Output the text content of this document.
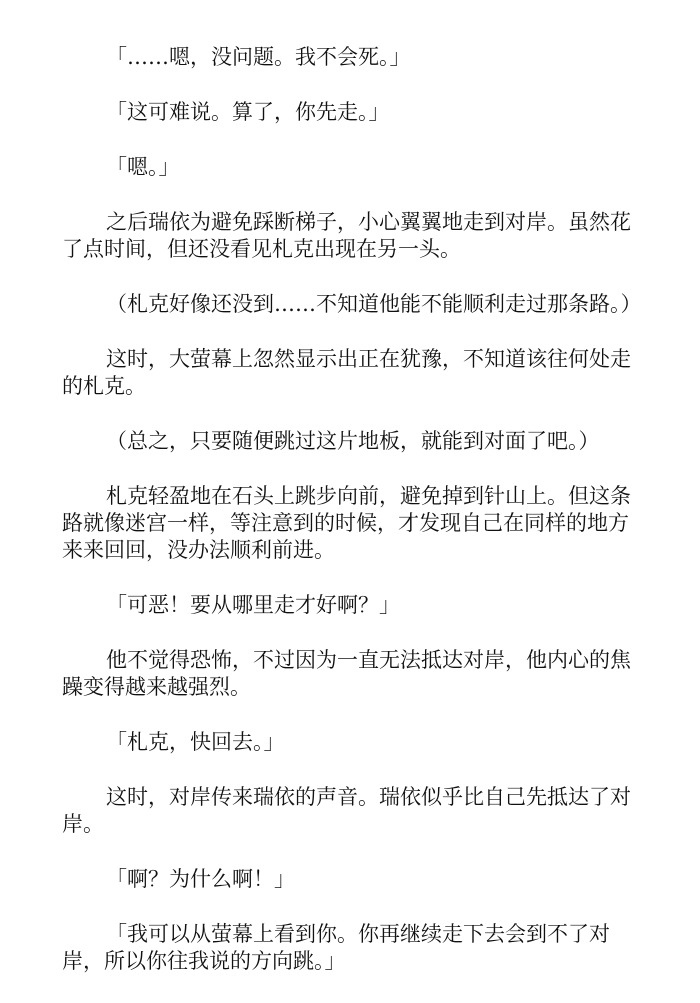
「……嗯，没问题。我不会死。」

「这可难说。算了，你先走。」

「嗯。」

之后瑞依为避免踩断梯子，小心翼翼地走到对岸。虽然花了点时间，但还没看见札克出现在另一头。

（札克好像还没到……不知道他能不能顺利走过那条路。）

这时，大萤幕上忽然显示出正在犹豫，不知道该往何处走的札克。

（总之，只要随便跳过这片地板，就能到对面了吧。）

札克轻盈地在石头上跳步向前，避免掉到针山上。但这条路就像迷宫一样，等注意到的时候，才发现自己在同样的地方来来回回，没办法顺利前进。

「可恶！要从哪里走才好啊？」

他不觉得恐怖，不过因为一直无法抵达对岸，他内心的焦躁变得越来越强烈。

「札克，快回去。」

这时，对岸传来瑞依的声音。瑞依似乎比自己先抵达了对岸。

「啊？为什么啊！」

「我可以从萤幕上看到你。你再继续走下去会到不了对岸，所以你往我说的方向跳。」
